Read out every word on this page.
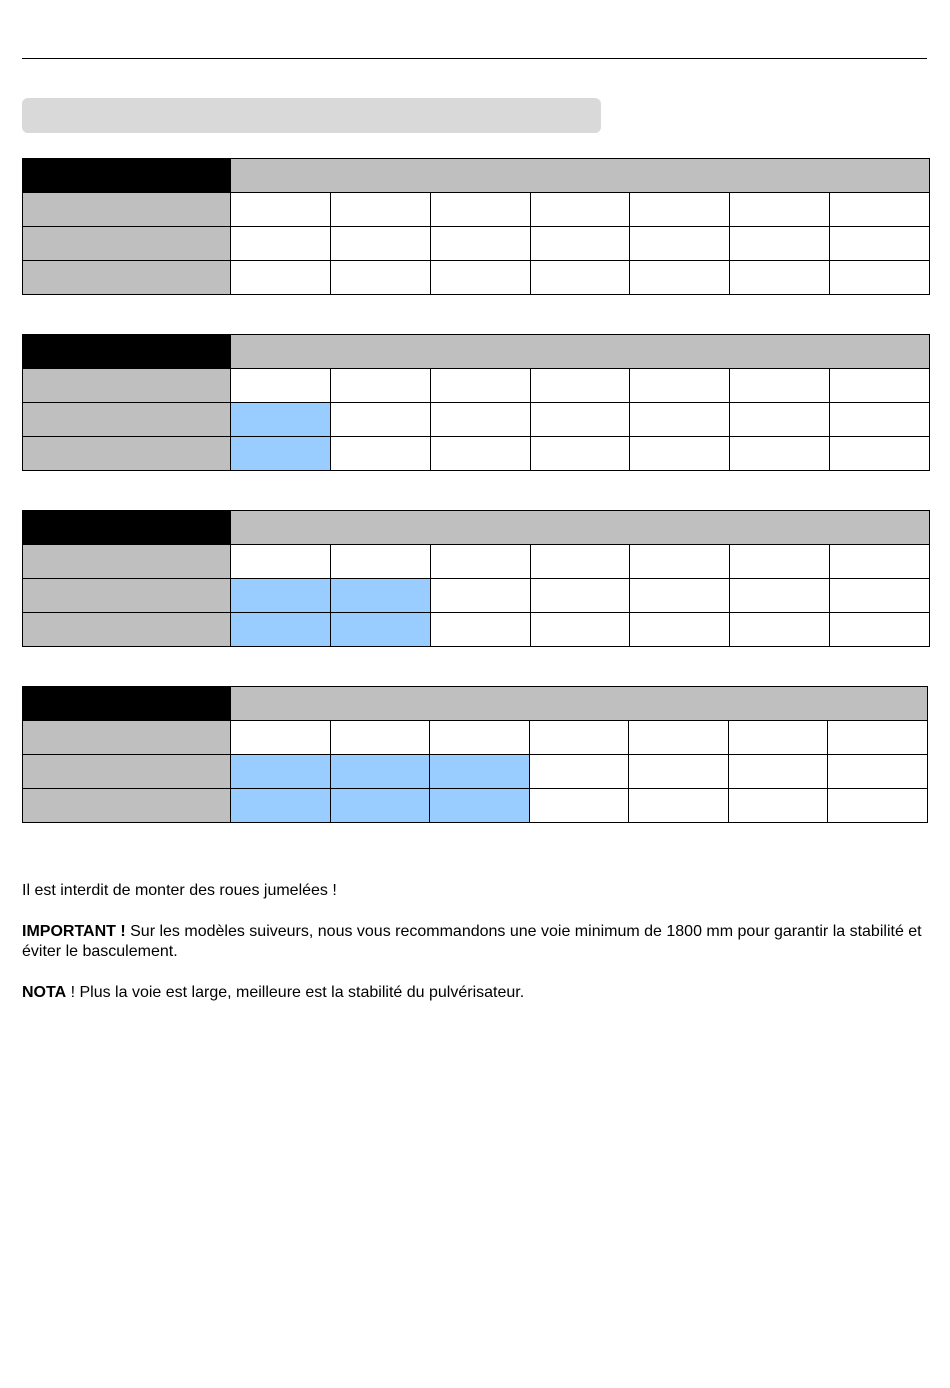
Il est interdit de monter des roues jumelées !

IMPORTANT ! Sur les modèles suiveurs, nous vous recommandons une voie minimum de 1800 mm pour garantir la stabilité et éviter le basculement.

NOTA ! Plus la voie est large, meilleure est la stabilité du pulvérisateur.
